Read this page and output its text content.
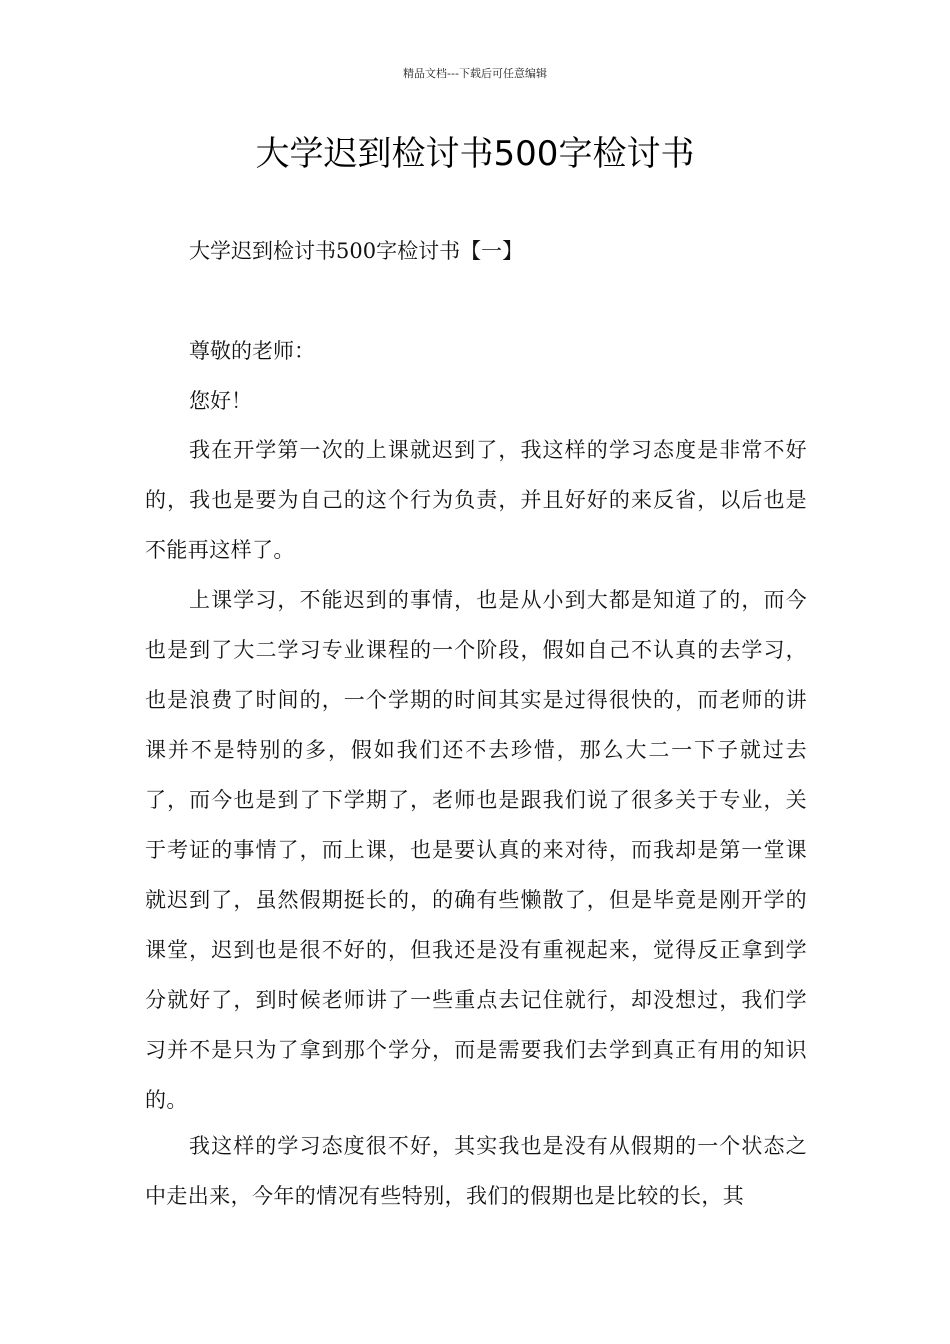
精品文档---下载后可任意编辑
大学迟到检讨书500字检讨书

大学迟到检讨书500字检讨书【一】

尊敬的老师：

您好！

我在开学第一次的上课就迟到了，我这样的学习态度是非常不好的，我也是要为自己的这个行为负责，并且好好的来反省，以后也是不能再这样了。

上课学习，不能迟到的事情，也是从小到大都是知道了的，而今也是到了大二学习专业课程的一个阶段，假如自己不认真的去学习，也是浪费了时间的，一个学期的时间其实是过得很快的，而老师的讲课并不是特别的多，假如我们还不去珍惜，那么大二一下子就过去了，而今也是到了下学期了，老师也是跟我们说了很多关于专业，关于考证的事情了，而上课，也是要认真的来对待，而我却是第一堂课就迟到了，虽然假期挺长的，的确有些懒散了，但是毕竟是刚开学的课堂，迟到也是很不好的，但我还是没有重视起来，觉得反正拿到学分就好了，到时候老师讲了一些重点去记住就行，却没想过，我们学习并不是只为了拿到那个学分，而是需要我们去学到真正有用的知识的。

我这样的学习态度很不好，其实我也是没有从假期的一个状态之中走出来，今年的情况有些特别，我们的假期也是比较的长，其
